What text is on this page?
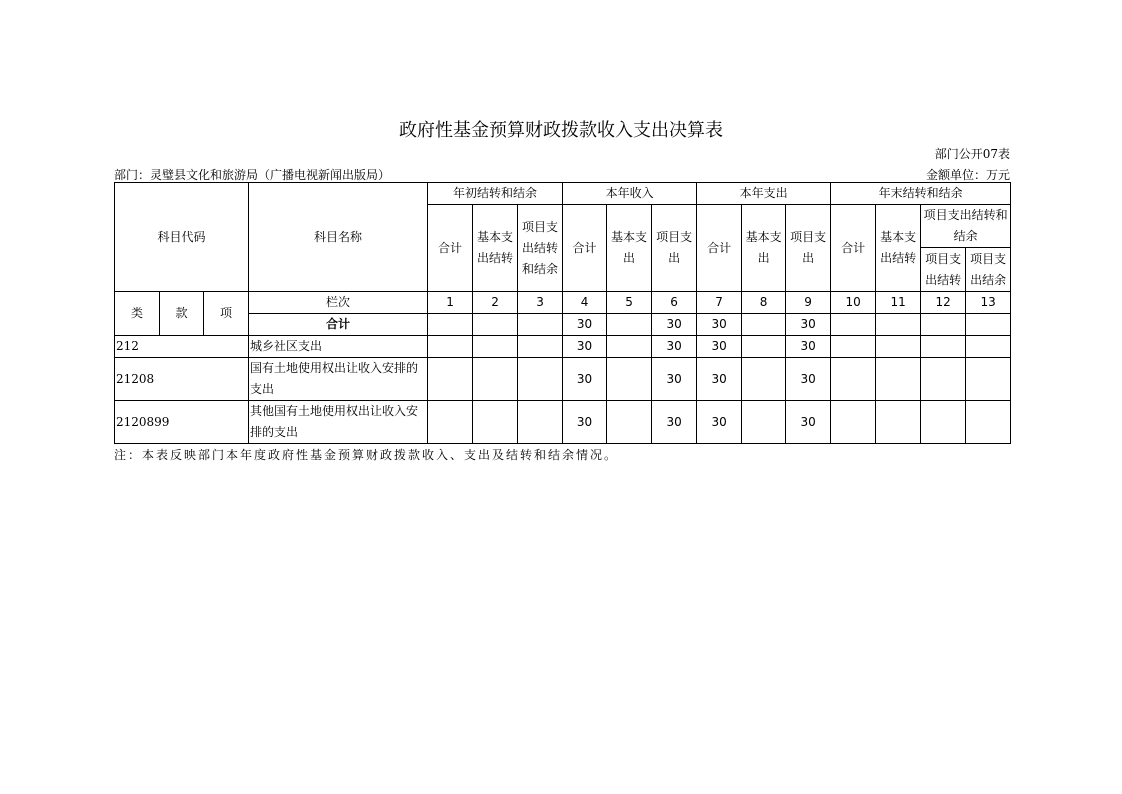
政府性基金预算财政拨款收入支出决算表
部门公开07表
部门：灵璧县文化和旅游局（广播电视新闻出版局）	金额单位：万元
科目代码			科目名称	年初结转和结余			本年收入			本年支出			年末结转和结余			
				合计	基本支出结转	项目支出结转和结余	合计	基本支出	项目支出	合计	基本支出	项目支出	合计	基本支出结转	项目支出结转和结余	
															项目支出结转	项目支出结余

类	款	项	栏次	1	2	3	4	5	6	7	8	9	10	11	12	13
			合计				30		30	30		30				
212			城乡社区支出				30		30	30		30				
21208			国有土地使用权出让收入安排的支出				30		30	30		30				
2120899			其他国有土地使用权出让收入安排的支出				30		30	30		30				
注：本表反映部门本年度政府性基金预算财政拨款收入、支出及结转和结余情况。
